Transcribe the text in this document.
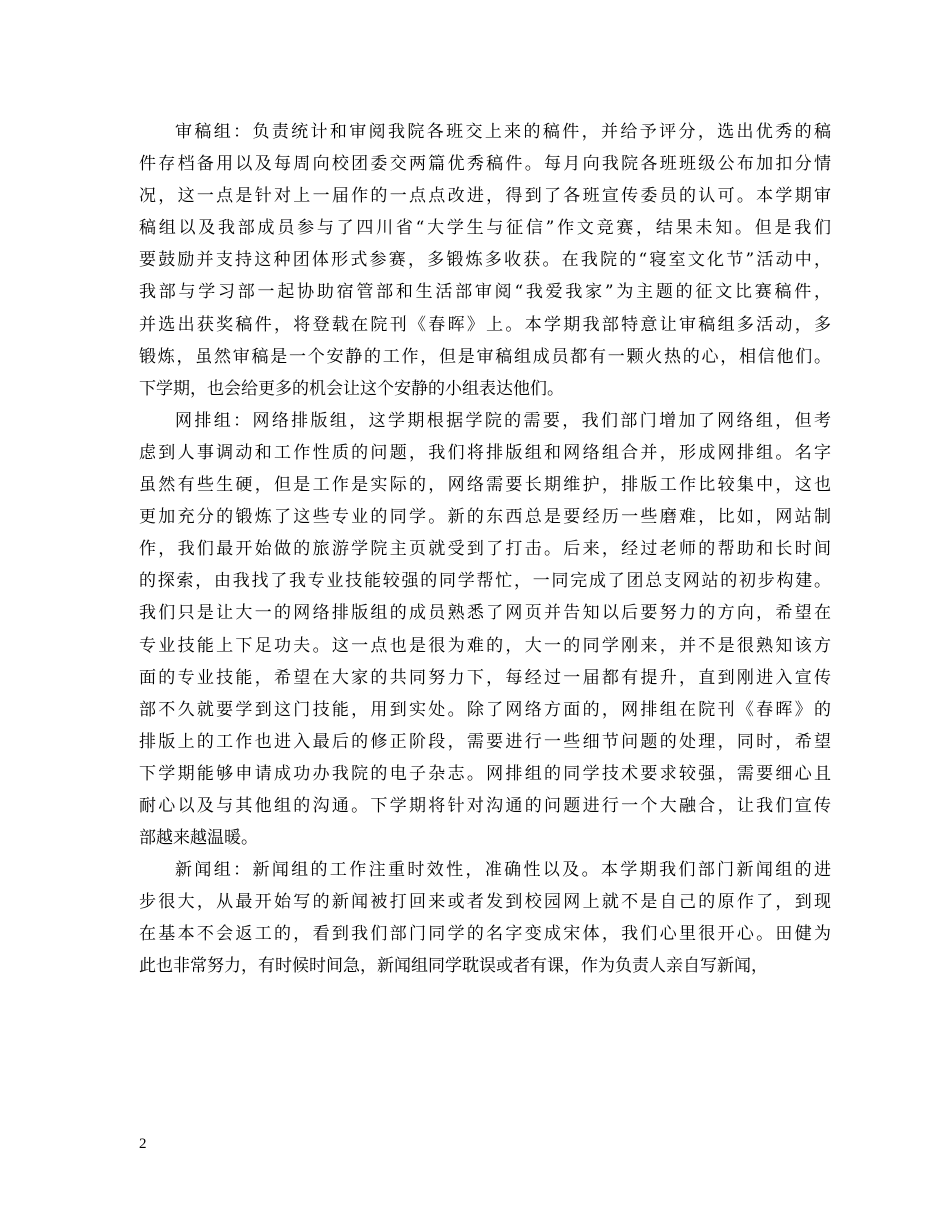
审稿组：负责统计和审阅我院各班交上来的稿件，并给予评分，选出优秀的稿
件存档备用以及每周向校团委交两篇优秀稿件。每月向我院各班班级公布加扣分情
况，这一点是针对上一届作的一点点改进，得到了各班宣传委员的认可。本学期审
稿组以及我部成员参与了四川省“大学生与征信”作文竞赛，结果未知。但是我们
要鼓励并支持这种团体形式参赛，多锻炼多收获。在我院的“寝室文化节”活动中，
我部与学习部一起协助宿管部和生活部审阅“我爱我家”为主题的征文比赛稿件，
并选出获奖稿件，将登载在院刊《春晖》上。本学期我部特意让审稿组多活动，多
锻炼，虽然审稿是一个安静的工作，但是审稿组成员都有一颗火热的心，相信他们。
下学期，也会给更多的机会让这个安静的小组表达他们。
网排组：网络排版组，这学期根据学院的需要，我们部门增加了网络组，但考
虑到人事调动和工作性质的问题，我们将排版组和网络组合并，形成网排组。名字
虽然有些生硬，但是工作是实际的，网络需要长期维护，排版工作比较集中，这也
更加充分的锻炼了这些专业的同学。新的东西总是要经历一些磨难，比如，网站制
作，我们最开始做的旅游学院主页就受到了打击。后来，经过老师的帮助和长时间
的探索，由我找了我专业技能较强的同学帮忙，一同完成了团总支网站的初步构建。
我们只是让大一的网络排版组的成员熟悉了网页并告知以后要努力的方向，希望在
专业技能上下足功夫。这一点也是很为难的，大一的同学刚来，并不是很熟知该方
面的专业技能，希望在大家的共同努力下，每经过一届都有提升，直到刚进入宣传
部不久就要学到这门技能，用到实处。除了网络方面的，网排组在院刊《春晖》的
排版上的工作也进入最后的修正阶段，需要进行一些细节问题的处理，同时，希望
下学期能够申请成功办我院的电子杂志。网排组的同学技术要求较强，需要细心且
耐心以及与其他组的沟通。下学期将针对沟通的问题进行一个大融合，让我们宣传
部越来越温暖。
新闻组：新闻组的工作注重时效性，准确性以及。本学期我们部门新闻组的进
步很大，从最开始写的新闻被打回来或者发到校园网上就不是自己的原作了，到现
在基本不会返工的，看到我们部门同学的名字变成宋体，我们心里很开心。田健为
此也非常努力，有时候时间急，新闻组同学耽误或者有课，作为负责人亲自写新闻，
2
